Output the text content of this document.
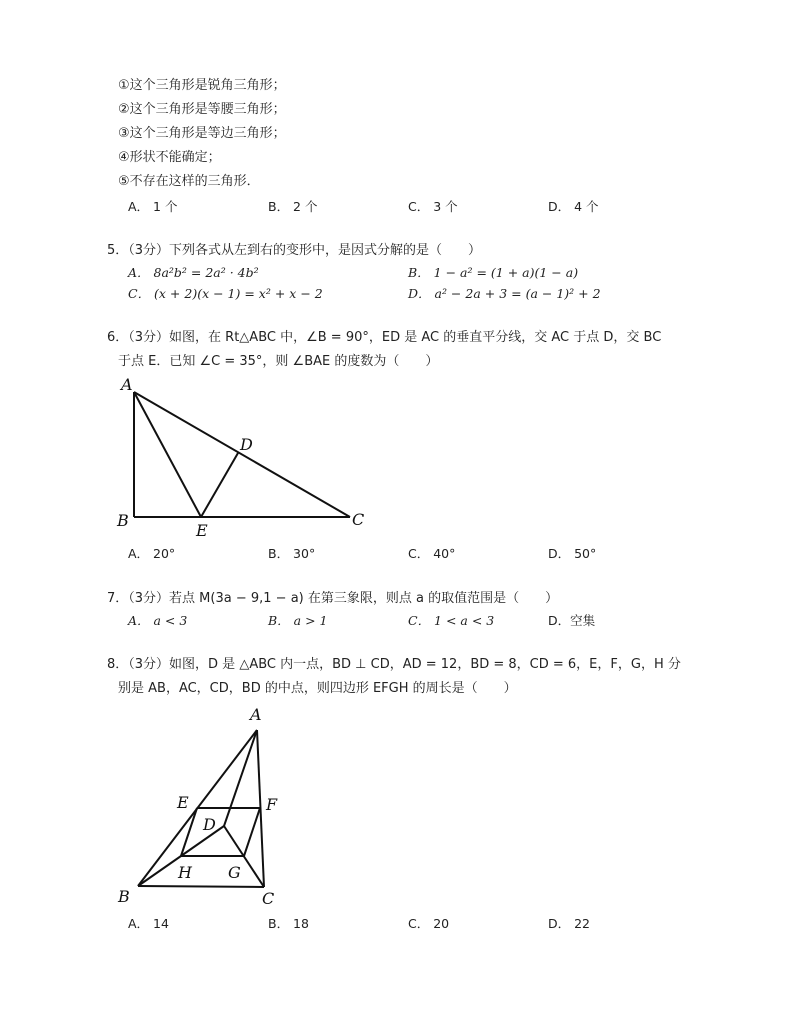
①这个三角形是锐角三角形；
②这个三角形是等腰三角形；
③这个三角形是等边三角形；
④形状不能确定；
⑤不存在这样的三角形．
A． 1 个	B． 2 个	C． 3 个	D． 4 个
5．（3分）下列各式从左到右的变形中，是因式分解的是（　　）
A． 8a²b² = 2a² · 4b²	B． 1 − a² = (1 + a)(1 − a)
C． (x + 2)(x − 1) = x² + x − 2	D． a² − 2a + 3 = (a − 1)² + 2
6．（3分）如图，在 Rt△ABC 中，∠B = 90°，ED 是 AC 的垂直平分线，交 AC 于点 D，交 BC
于点 E．已知 ∠C = 35°，则 ∠BAE 的度数为（　　）
A
B	C
D
E
A． 20°	B． 30°	C． 40°	D． 50°
7．（3分）若点 M(3a − 9,1 − a) 在第三象限，则点 a 的取值范围是（　　）
A． a < 3	B． a > 1	C． 1 < a < 3	D．空集
8．（3分）如图，D 是 △ABC 内一点，BD ⊥ CD，AD = 12，BD = 8，CD = 6，E，F，G，H 分
别是 AB，AC，CD，BD 的中点，则四边形 EFGH 的周长是（　　）
A
B	C
D
E	F
G
H
A． 14	B． 18	C． 20	D． 22
